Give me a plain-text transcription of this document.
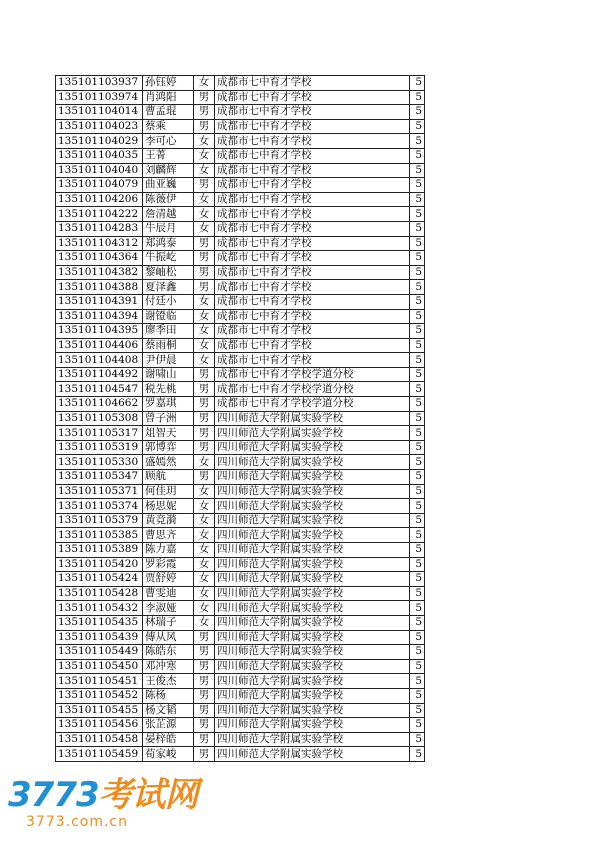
135101103937	孙钰婷	女	成都市七中育才学校	5
135101103974	肖鸿阳	男	成都市七中育才学校	5
135101104014	曹孟琨	男	成都市七中育才学校	5
135101104023	蔡乘	男	成都市七中育才学校	5
135101104029	李可心	女	成都市七中育才学校	5
135101104035	王菁	女	成都市七中育才学校	5
135101104040	刘麟辉	女	成都市七中育才学校	5
135101104079	曲亚巍	男	成都市七中育才学校	5
135101104206	陈薇伊	女	成都市七中育才学校	5
135101104222	詹清越	女	成都市七中育才学校	5
135101104283	牛辰月	女	成都市七中育才学校	5
135101104312	郑鸿泰	男	成都市七中育才学校	5
135101104364	牛振屹	男	成都市七中育才学校	5
135101104382	黎岫松	男	成都市七中育才学校	5
135101104388	夏泽鑫	男	成都市七中育才学校	5
135101104391	付廷小	女	成都市七中育才学校	5
135101104394	谢镫临	女	成都市七中育才学校	5
135101104395	廖季田	女	成都市七中育才学校	5
135101104406	蔡雨桐	女	成都市七中育才学校	5
135101104408	尹伊晨	女	成都市七中育才学校	5
135101104492	谢啸山	男	成都市七中育才学校学道分校	5
135101104547	税先桃	男	成都市七中育才学校学道分校	5
135101104662	罗嘉琪	男	成都市七中育才学校学道分校	5
135101105308	曾子洲	男	四川师范大学附属实验学校	5
135101105317	俎智天	男	四川师范大学附属实验学校	5
135101105319	郭博弈	男	四川师范大学附属实验学校	5
135101105330	盛嫣然	女	四川师范大学附属实验学校	5
135101105347	顾航	男	四川师范大学附属实验学校	5
135101105371	何佳玥	女	四川师范大学附属实验学校	5
135101105374	杨思妮	女	四川师范大学附属实验学校	5
135101105379	黄竞漪	女	四川师范大学附属实验学校	5
135101105385	曹思齐	女	四川师范大学附属实验学校	5
135101105389	陈力嘉	女	四川师范大学附属实验学校	5
135101105420	罗彩霞	女	四川师范大学附属实验学校	5
135101105424	贾舒婷	女	四川师范大学附属实验学校	5
135101105428	曹雯迪	女	四川师范大学附属实验学校	5
135101105432	李淑娅	女	四川师范大学附属实验学校	5
135101105435	林瑞子	女	四川师范大学附属实验学校	5
135101105439	傅从风	男	四川师范大学附属实验学校	5
135101105449	陈皓东	男	四川师范大学附属实验学校	5
135101105450	邓冲寒	男	四川师范大学附属实验学校	5
135101105451	王俊杰	男	四川师范大学附属实验学校	5
135101105452	陈杨	男	四川师范大学附属实验学校	5
135101105455	杨文韬	男	四川师范大学附属实验学校	5
135101105456	张芷源	男	四川师范大学附属实验学校	5
135101105458	晏梓皓	男	四川师范大学附属实验学校	5
135101105459	荀家峻	男	四川师范大学附属实验学校	5
3773考试网
3773.com.cn
